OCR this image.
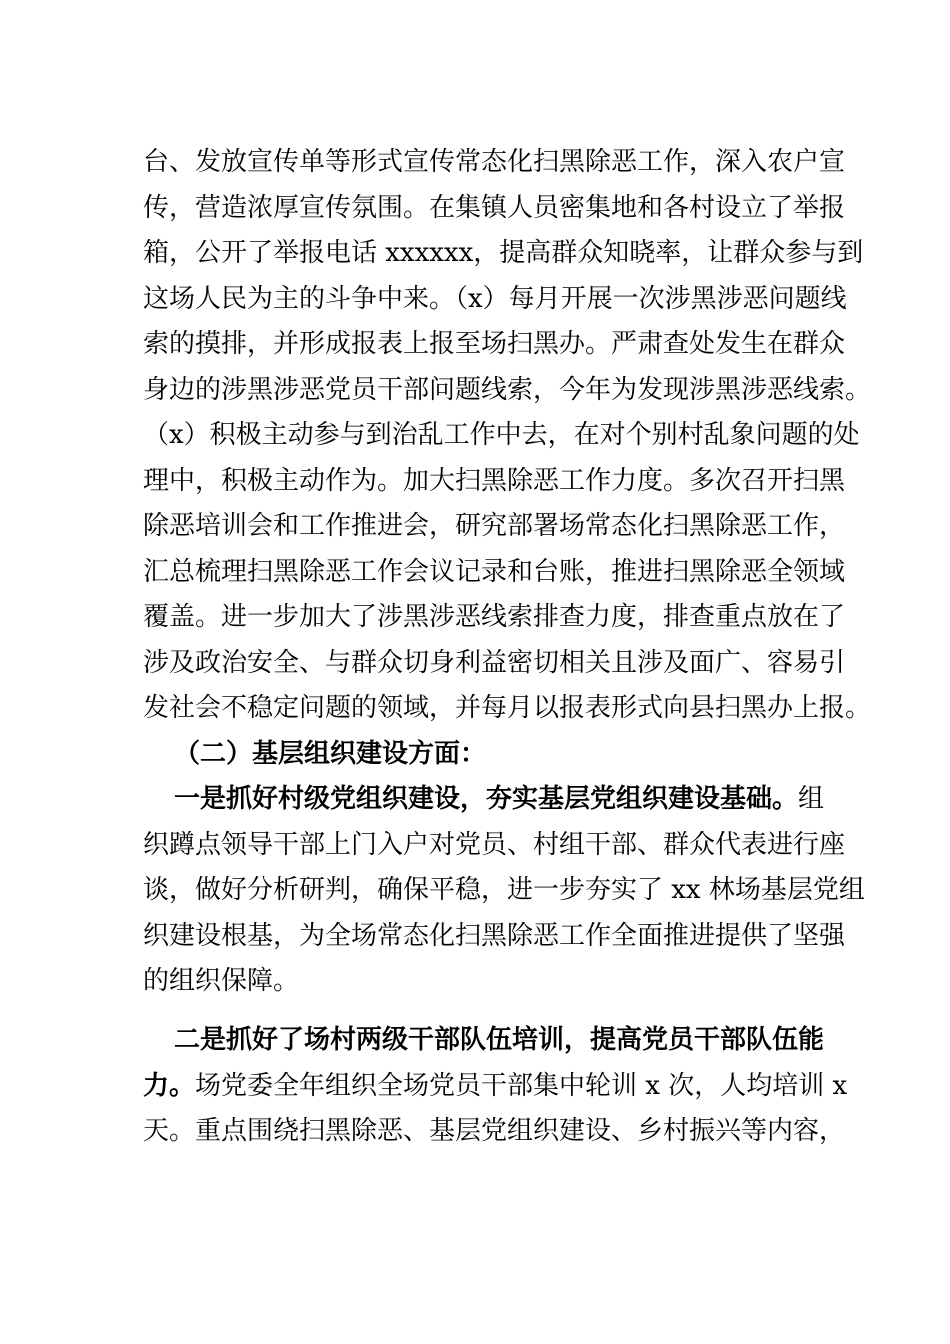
台、发放宣传单等形式宣传常态化扫黑除恶工作，深入农户宣
传，营造浓厚宣传氛围。在集镇人员密集地和各村设立了举报
箱，公开了举报电话 xxxxxx，提高群众知晓率，让群众参与到
这场人民为主的斗争中来。（x）每月开展一次涉黑涉恶问题线
索的摸排，并形成报表上报至场扫黑办。严肃查处发生在群众
身边的涉黑涉恶党员干部问题线索，今年为发现涉黑涉恶线索。
（x）积极主动参与到治乱工作中去，在对个别村乱象问题的处
理中，积极主动作为。加大扫黑除恶工作力度。多次召开扫黑
除恶培训会和工作推进会，研究部署场常态化扫黑除恶工作，
汇总梳理扫黑除恶工作会议记录和台账，推进扫黑除恶全领域
覆盖。进一步加大了涉黑涉恶线索排查力度，排查重点放在了
涉及政治安全、与群众切身利益密切相关且涉及面广、容易引
发社会不稳定问题的领域，并每月以报表形式向县扫黑办上报。
（二）基层组织建设方面：
一是抓好村级党组织建设，夯实基层党组织建设基础。组
织蹲点领导干部上门入户对党员、村组干部、群众代表进行座
谈，做好分析研判，确保平稳，进一步夯实了 xx 林场基层党组
织建设根基，为全场常态化扫黑除恶工作全面推进提供了坚强
的组织保障。
二是抓好了场村两级干部队伍培训，提高党员干部队伍能
力。场党委全年组织全场党员干部集中轮训 x 次，人均培训 x
天。重点围绕扫黑除恶、基层党组织建设、乡村振兴等内容，
